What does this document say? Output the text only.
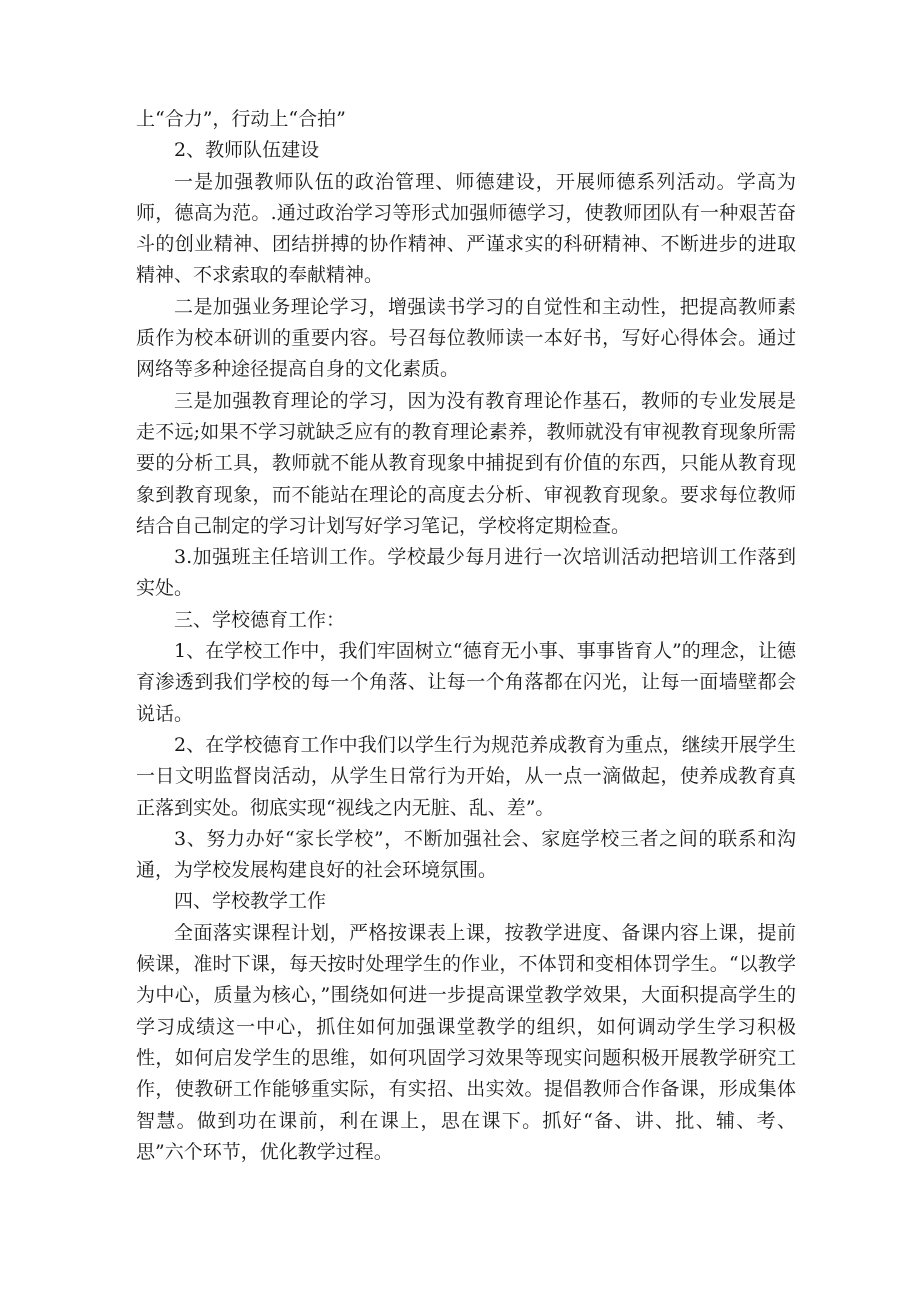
上“合力”，行动上“合拍”

2、教师队伍建设

一是加强教师队伍的政治管理、师德建设，开展师德系列活动。学高为师，德高为范。.通过政治学习等形式加强师德学习，使教师团队有一种艰苦奋斗的创业精神、团结拼搏的协作精神、严谨求实的科研精神、不断进步的进取精神、不求索取的奉献精神。

二是加强业务理论学习，增强读书学习的自觉性和主动性，把提高教师素质作为校本研训的重要内容。号召每位教师读一本好书，写好心得体会。通过网络等多种途径提高自身的文化素质。

三是加强教育理论的学习，因为没有教育理论作基石，教师的专业发展是走不远;如果不学习就缺乏应有的教育理论素养，教师就没有审视教育现象所需要的分析工具，教师就不能从教育现象中捕捉到有价值的东西，只能从教育现象到教育现象，而不能站在理论的高度去分析、审视教育现象。要求每位教师结合自己制定的学习计划写好学习笔记，学校将定期检查。

3.加强班主任培训工作。学校最少每月进行一次培训活动把培训工作落到实处。

三、学校德育工作：

1、在学校工作中，我们牢固树立“德育无小事、事事皆育人”的理念，让德育渗透到我们学校的每一个角落、让每一个角落都在闪光，让每一面墙壁都会说话。

2、在学校德育工作中我们以学生行为规范养成教育为重点，继续开展学生一日文明监督岗活动，从学生日常行为开始，从一点一滴做起，使养成教育真正落到实处。彻底实现“视线之内无脏、乱、差”。

3、努力办好“家长学校”，不断加强社会、家庭学校三者之间的联系和沟通，为学校发展构建良好的社会环境氛围。

四、学校教学工作

全面落实课程计划，严格按课表上课，按教学进度、备课内容上课，提前候课，准时下课，每天按时处理学生的作业，不体罚和变相体罚学生。“以教学为中心，质量为核心，”围绕如何进一步提高课堂教学效果，大面积提高学生的学习成绩这一中心，抓住如何加强课堂教学的组织，如何调动学生学习积极性，如何启发学生的思维，如何巩固学习效果等现实问题积极开展教学研究工作，使教研工作能够重实际，有实招、出实效。提倡教师合作备课，形成集体智慧。做到功在课前，利在课上，思在课下。抓好“备、讲、批、辅、考、思”六个环节，优化教学过程。
